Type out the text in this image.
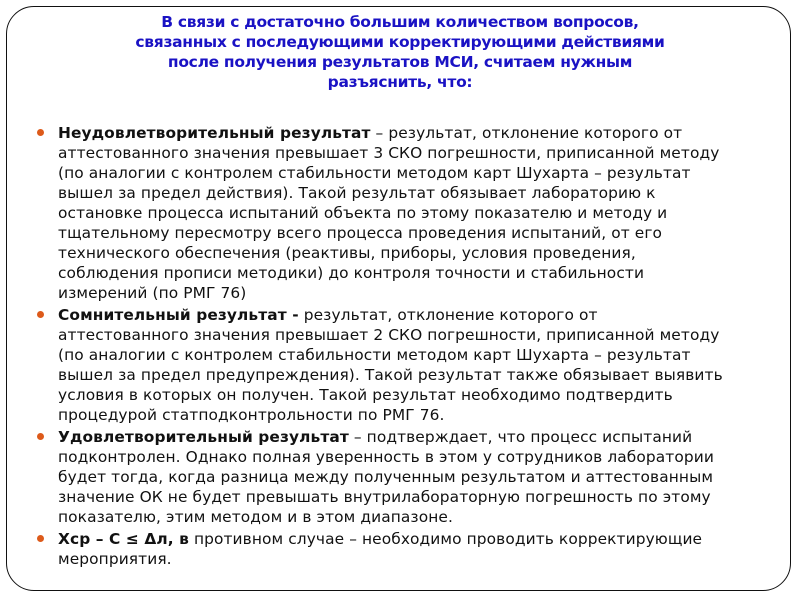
В связи с достаточно большим количеством вопросов,
связанных с последующими корректирующими действиями
после получения результатов МСИ, считаем нужным
разъяснить, что:
Неудовлетворительный результат – результат, отклонение которого от
аттестованного значения превышает 3 СКО погрешности, приписанной методу
(по аналогии с контролем стабильности методом карт Шухарта – результат
вышел за предел действия). Такой результат обязывает лабораторию к
остановке процесса испытаний объекта по этому показателю и методу и
тщательному пересмотру всего процесса проведения испытаний, от его
технического обеспечения (реактивы, приборы, условия проведения,
соблюдения прописи методики) до контроля точности и стабильности
измерений (по РМГ 76)
Сомнительный результат - результат, отклонение которого от
аттестованного значения превышает 2 СКО погрешности, приписанной методу
(по аналогии с контролем стабильности методом карт Шухарта – результат
вышел за предел предупреждения). Такой результат также обязывает выявить
условия в которых он получен. Такой результат необходимо подтвердить
процедурой статподконтрольности по РМГ 76.
Удовлетворительный результат – подтверждает, что процесс испытаний
подконтролен. Однако полная уверенность в этом у сотрудников лаборатории
будет тогда, когда разница между полученным результатом и аттестованным
значение ОК не будет превышать внутрилабораторную погрешность по этому
показателю, этим методом и в этом диапазоне.
Xср – C ≤ Δл, в противном случае – необходимо проводить корректирующие
мероприятия.
